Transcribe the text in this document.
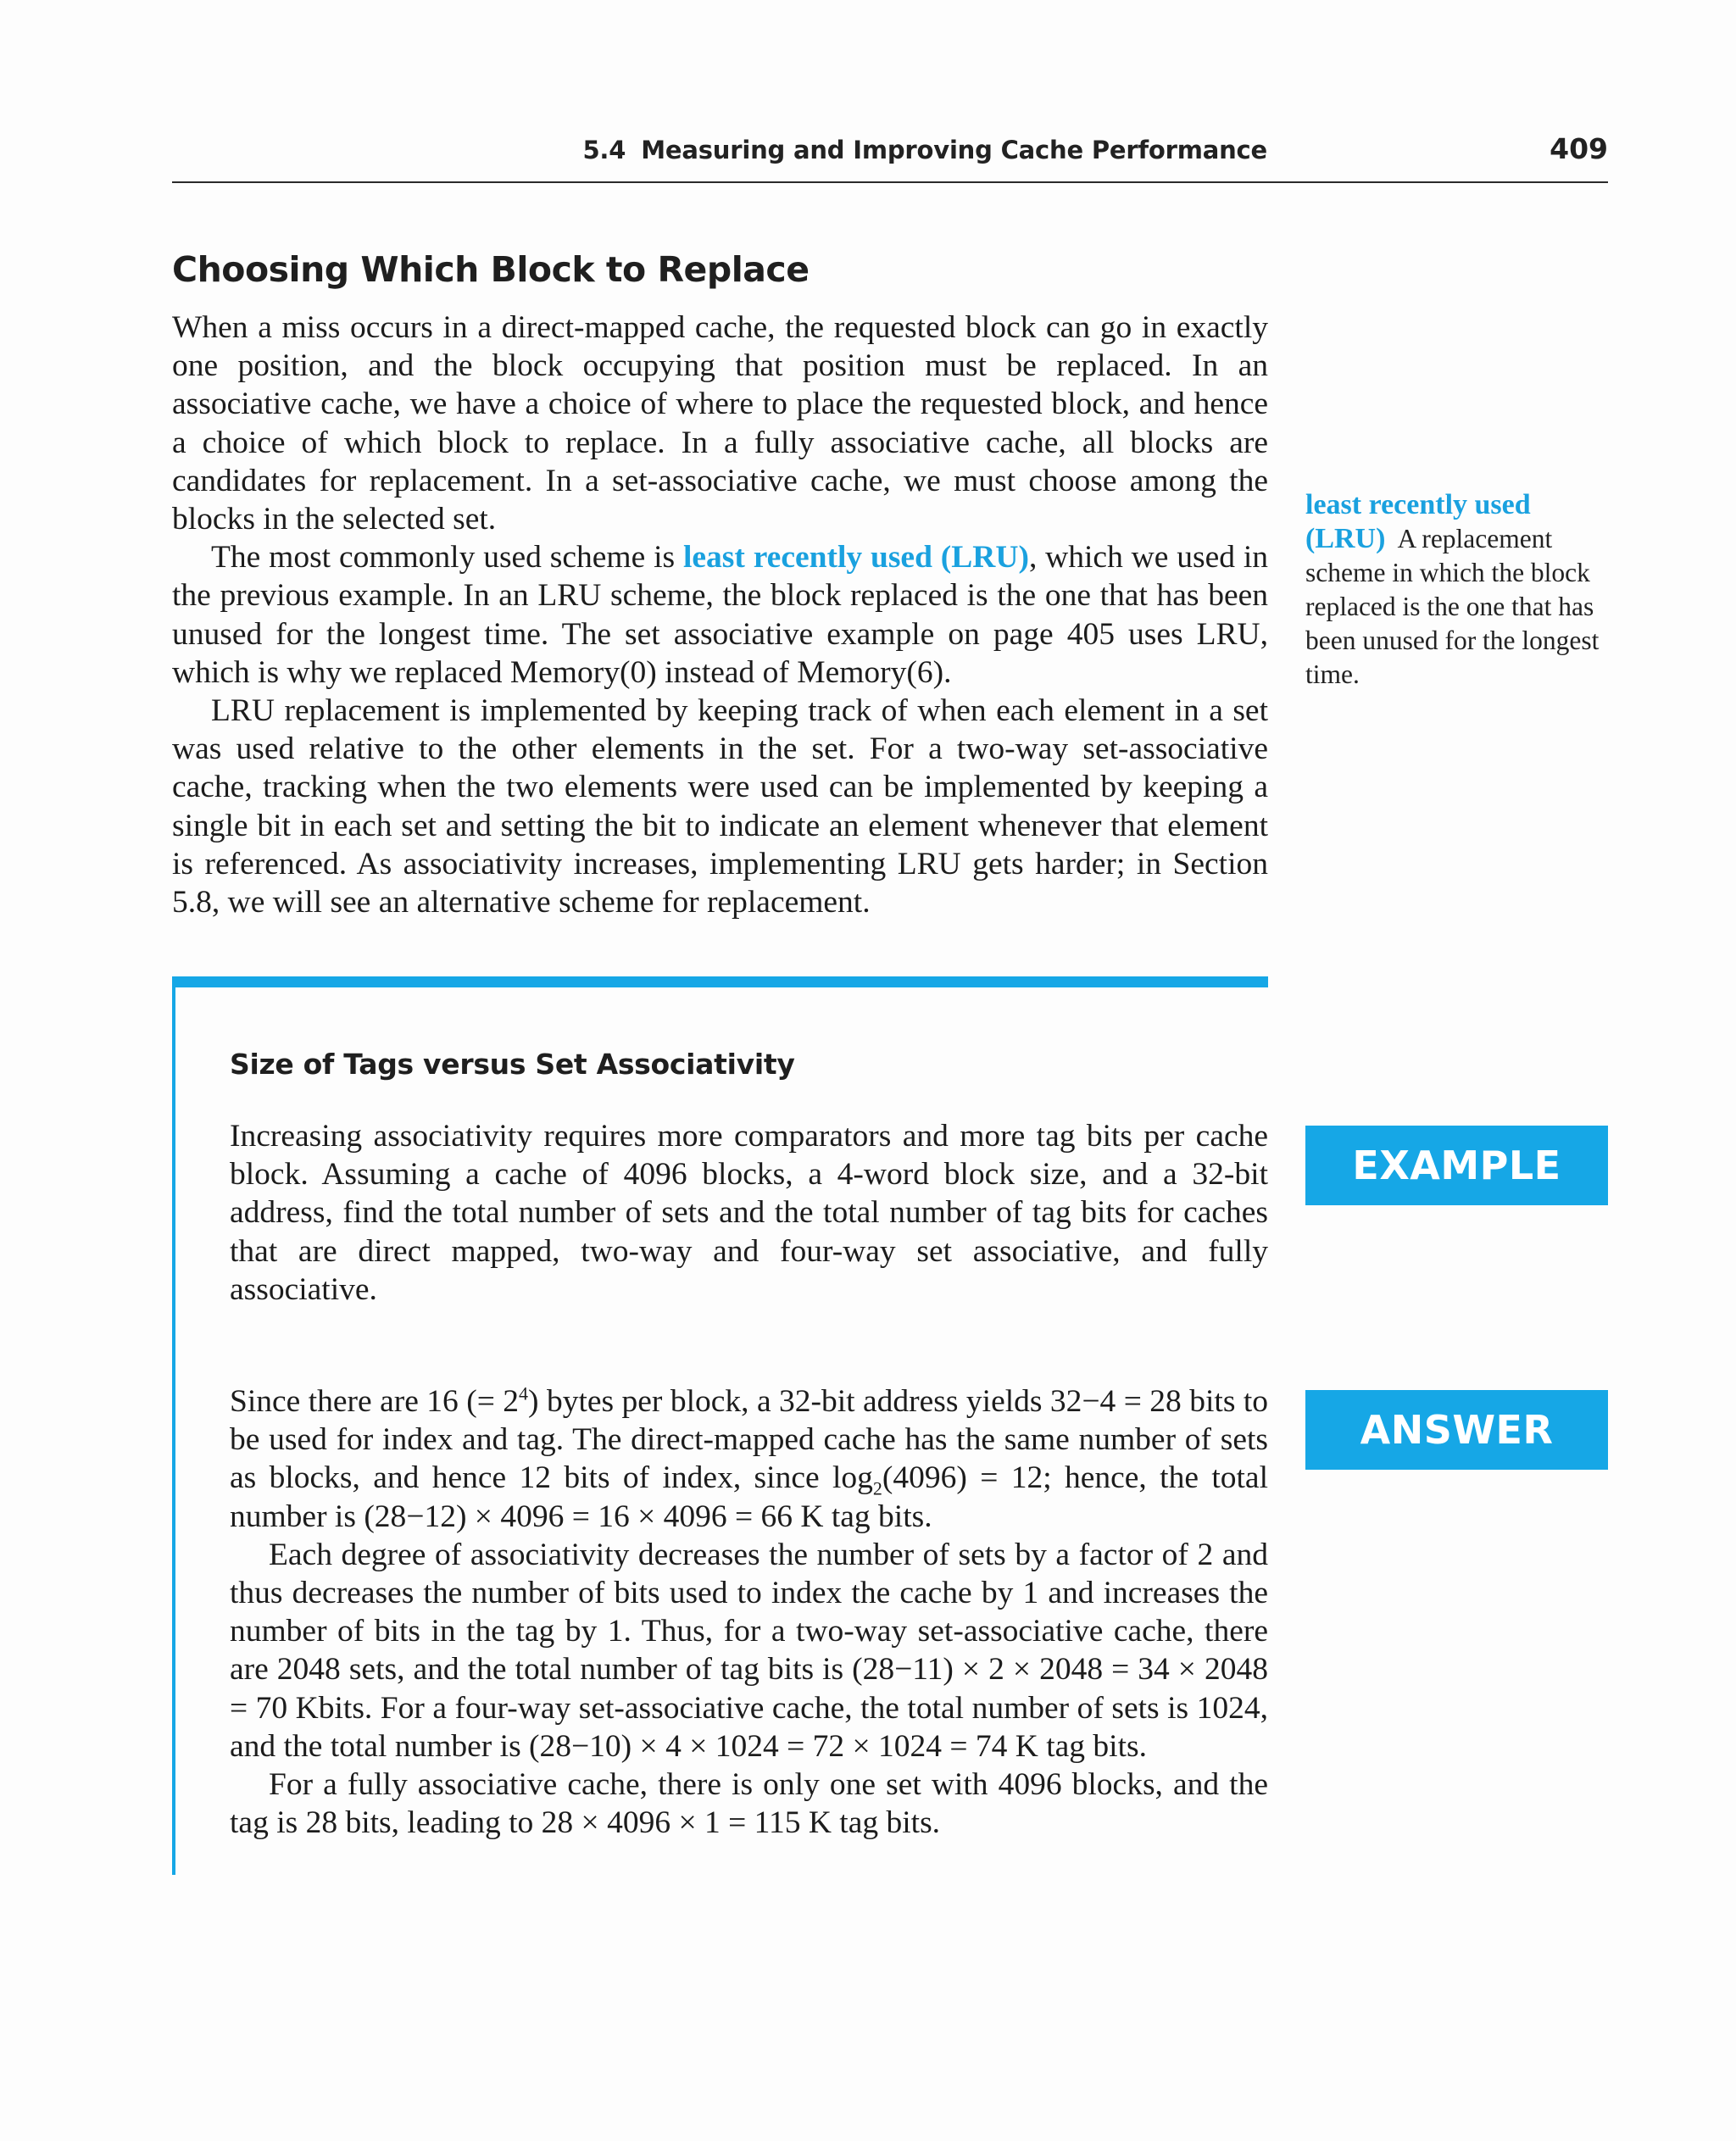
5.4 Measuring and Improving Cache Performance	409
Choosing Which Block to Replace

When a miss occurs in a direct-mapped cache, the requested block can go in exactly one position, and the block occupying that position must be replaced. In an associative cache, we have a choice of where to place the requested block, and hence a choice of which block to replace. In a fully associative cache, all blocks are candidates for replacement. In a set-associative cache, we must choose among the blocks in the selected set.

The most commonly used scheme is least recently used (LRU), which we used in the previous example. In an LRU scheme, the block replaced is the one that has been unused for the longest time. The set associative example on page 405 uses LRU, which is why we replaced Memory(0) instead of Memory(6).

LRU replacement is implemented by keeping track of when each element in a set was used relative to the other elements in the set. For a two-way set-associative cache, tracking when the two elements were used can be implemented by keeping a single bit in each set and setting the bit to indicate an element whenever that element is referenced. As associativity increases, implementing LRU gets harder; in Section 5.8, we will see an alternative scheme for replacement.

least recently used (LRU) A replacement scheme in which the block replaced is the one that has been unused for the longest time.
Size of Tags versus Set Associativity

Increasing associativity requires more comparators and more tag bits per cache block. Assuming a cache of 4096 blocks, a 4-word block size, and a 32-bit address, find the total number of sets and the total number of tag bits for caches that are direct mapped, two-way and four-way set associative, and fully associative.

EXAMPLE

Since there are 16 (= $2^4$) bytes per block, a 32-bit address yields 32−4 = 28 bits to be used for index and tag. The direct-mapped cache has the same number of sets as blocks, and hence 12 bits of index, since $\log_2(4096) = 12$; hence, the total number is (28−12) × 4096 = 16 × 4096 = 66 K tag bits.

Each degree of associativity decreases the number of sets by a factor of 2 and thus decreases the number of bits used to index the cache by 1 and increases the number of bits in the tag by 1. Thus, for a two-way set-associative cache, there are 2048 sets, and the total number of tag bits is (28−11) × 2 × 2048 = 34 × 2048 = 70 Kbits. For a four-way set-associative cache, the total number of sets is 1024, and the total number is (28−10) × 4 × 1024 = 72 × 1024 = 74 K tag bits.

For a fully associative cache, there is only one set with 4096 blocks, and the tag is 28 bits, leading to 28 × 4096 × 1 = 115 K tag bits.

ANSWER
